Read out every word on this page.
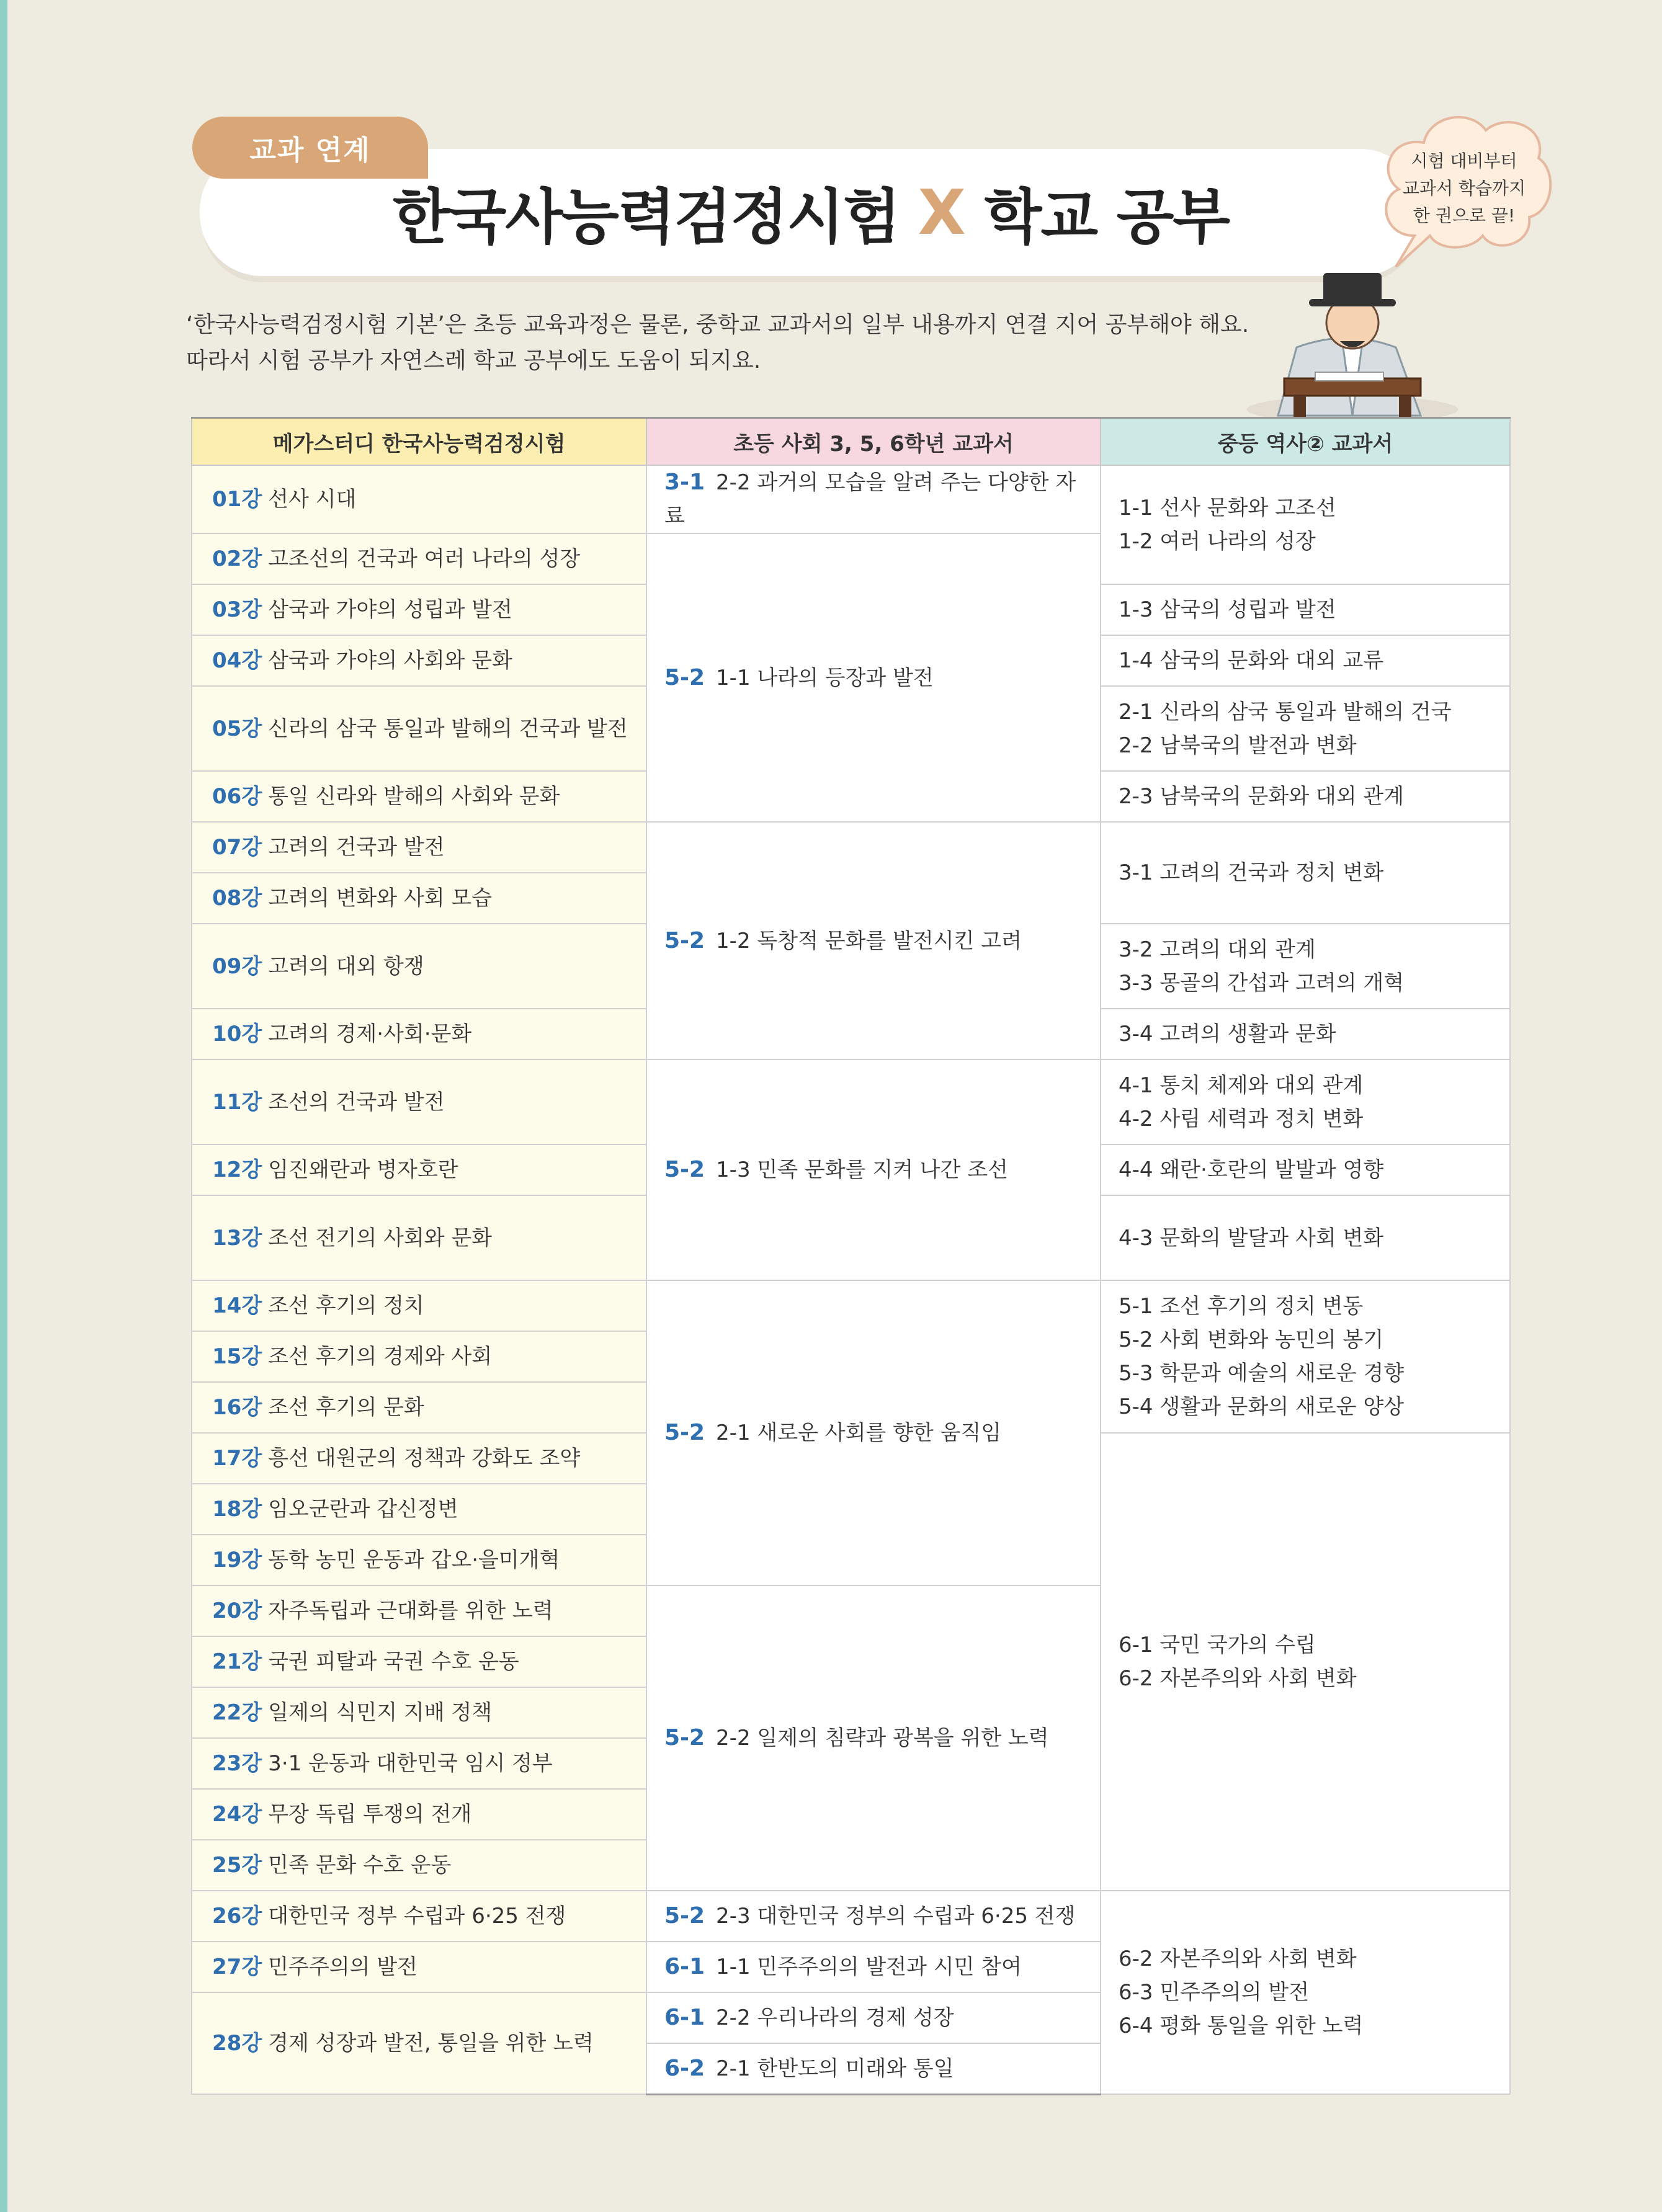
한국사능력검정시험 X 학교 공부
교과 연계	시험 대비부터
교과서 학습까지
한 권으로 끝!
‘한국사능력검정시험 기본’은 초등 교육과정은 물론, 중학교 교과서의 일부 내용까지 연결 지어 공부해야 해요.
따라서 시험 공부가 자연스레 학교 공부에도 도움이 되지요.
메가스터디 한국사능력검정시험	초등 사회 3, 5, 6학년 교과서	중등 역사② 교과서
01강 선사 시대	3-1 2-2 과거의 모습을 알려 주는 다양한 자료	1-1 선사 문화와 고조선
1-2 여러 나라의 성장

02강 고조선의 건국과 여러 나라의 성장	5-2 1-1 나라의 등장과 발전	
03강 삼국과 가야의 성립과 발전		1-3 삼국의 성립과 발전

04강 삼국과 가야의 사회와 문화		1-4 삼국의 문화와 대외 교류

05강 신라의 삼국 통일과 발해의 건국과 발전		2-1 신라의 삼국 통일과 발해의 건국
2-2 남북국의 발전과 변화

06강 통일 신라와 발해의 사회와 문화		2-3 남북국의 문화와 대외 관계

07강 고려의 건국과 발전	5-2 1-2 독창적 문화를 발전시킨 고려	3-1 고려의 건국과 정치 변화

08강 고려의 변화와 사회 모습		
09강 고려의 대외 항쟁		3-2 고려의 대외 관계
3-3 몽골의 간섭과 고려의 개혁

10강 고려의 경제·사회·문화		3-4 고려의 생활과 문화

11강 조선의 건국과 발전	5-2 1-3 민족 문화를 지켜 나간 조선	4-1 통치 체제와 대외 관계
4-2 사림 세력과 정치 변화

12강 임진왜란과 병자호란		4-4 왜란·호란의 발발과 영향

13강 조선 전기의 사회와 문화		4-3 문화의 발달과 사회 변화

14강 조선 후기의 정치	5-2 2-1 새로운 사회를 향한 움직임	5-1 조선 후기의 정치 변동
5-2 사회 변화와 농민의 봉기
5-3 학문과 예술의 새로운 경향
5-4 생활과 문화의 새로운 양상

15강 조선 후기의 경제와 사회		
16강 조선 후기의 문화		
17강 흥선 대원군의 정책과 강화도 조약		6-1 국민 국가의 수립
6-2 자본주의와 사회 변화

18강 임오군란과 갑신정변		
19강 동학 농민 운동과 갑오·을미개혁		
20강 자주독립과 근대화를 위한 노력	5-2 2-2 일제의 침략과 광복을 위한 노력	
21강 국권 피탈과 국권 수호 운동		
22강 일제의 식민지 지배 정책		
23강 3·1 운동과 대한민국 임시 정부		
24강 무장 독립 투쟁의 전개		
25강 민족 문화 수호 운동		
26강 대한민국 정부 수립과 6·25 전쟁	5-2 2-3 대한민국 정부의 수립과 6·25 전쟁	6-2 자본주의와 사회 변화
6-3 민주주의의 발전
6-4 평화 통일을 위한 노력

27강 민주주의의 발전	6-1 1-1 민주주의의 발전과 시민 참여	
28강 경제 성장과 발전, 통일을 위한 노력	6-1 2-2 우리나라의 경제 성장	
	6-2 2-1 한반도의 미래와 통일	
